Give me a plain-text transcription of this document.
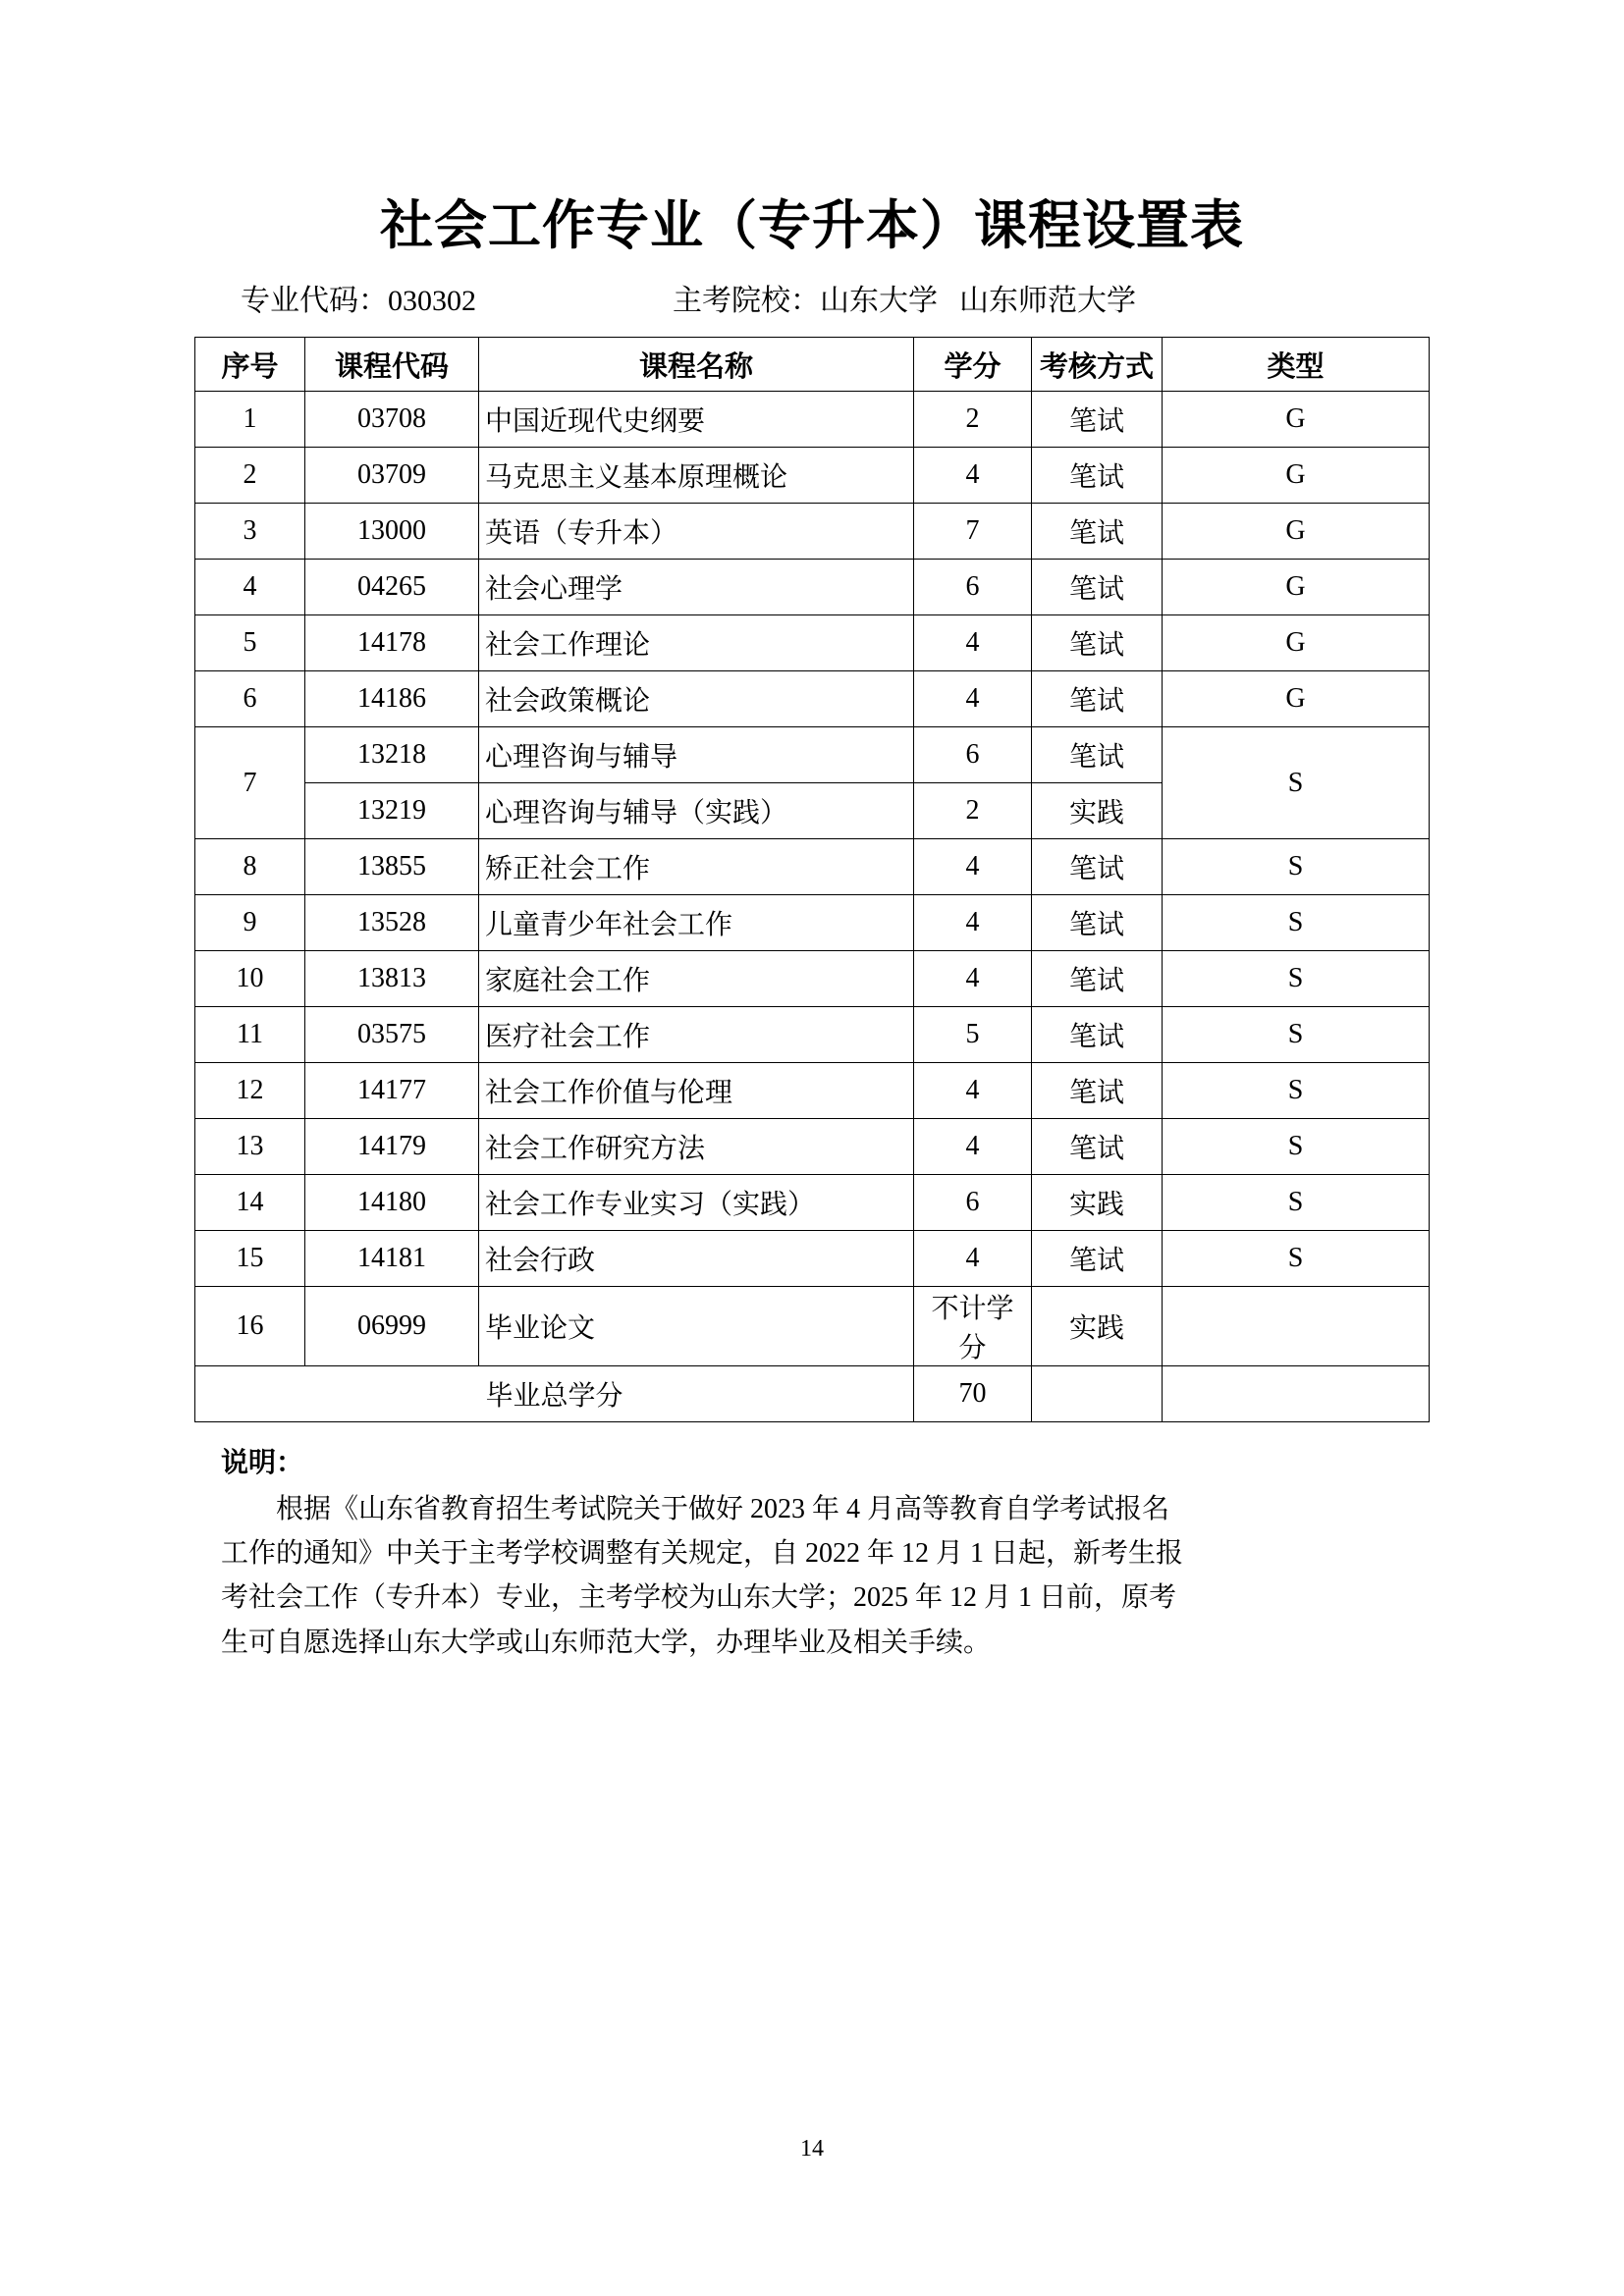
社会工作专业（专升本）课程设置表
专业代码：030302	主考院校：山东大学 山东师范大学
序号	课程代码	课程名称	学分	考核方式	类型
1	03708	中国近现代史纲要	2	笔试	G
2	03709	马克思主义基本原理概论	4	笔试	G
3	13000	英语（专升本）	7	笔试	G
4	04265	社会心理学	6	笔试	G
5	14178	社会工作理论	4	笔试	G
6	14186	社会政策概论	4	笔试	G
7	13218	心理咨询与辅导	6	笔试	S
	13219	心理咨询与辅导（实践）	2	实践	
8	13855	矫正社会工作	4	笔试	S
9	13528	儿童青少年社会工作	4	笔试	S
10	13813	家庭社会工作	4	笔试	S
11	03575	医疗社会工作	5	笔试	S
12	14177	社会工作价值与伦理	4	笔试	S
13	14179	社会工作研究方法	4	笔试	S
14	14180	社会工作专业实习（实践）	6	实践	S
15	14181	社会行政	4	笔试	S
16	06999	毕业论文	不计学分	实践	
毕业总学分			70		
说明：

根据《山东省教育招生考试院关于做好 2023 年 4 月高等教育自学考试报名

工作的通知》中关于主考学校调整有关规定，自 2022 年 12 月 1 日起，新考生报

考社会工作（专升本）专业，主考学校为山东大学；2025 年 12 月 1 日前，原考

生可自愿选择山东大学或山东师范大学，办理毕业及相关手续。

14
